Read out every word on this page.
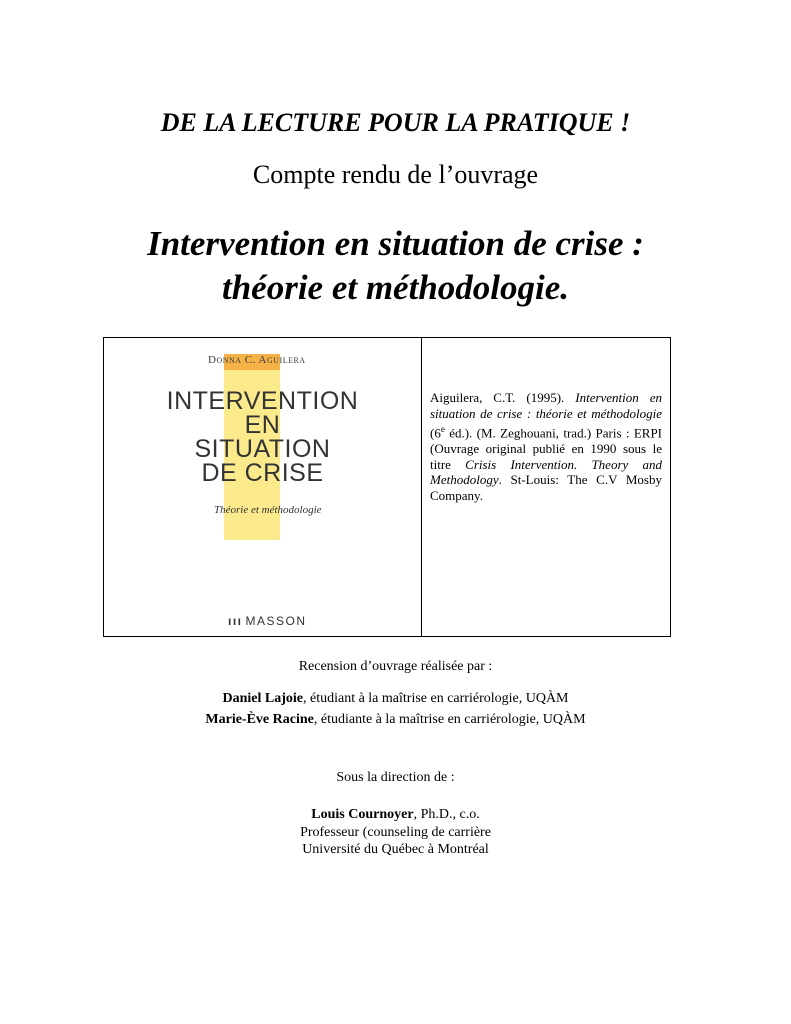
DE LA LECTURE POUR LA PRATIQUE !
Compte rendu de l’ouvrage
Intervention en situation de crise :
théorie et méthodologie.
Donna C. Aguilera
INTERVENTION
EN
SITUATION
DE CRISE
Théorie et méthodologie
ııı MASSON
Aiguilera, C.T. (1995). Intervention en situation de crise : théorie et méthodologie (6e éd.). (M. Zeghouani, trad.) Paris : ERPI (Ouvrage original publié en 1990 sous le titre Crisis Intervention. Theory and Methodology. St-Louis: The C.V Mosby Company.
Recension d’ouvrage réalisée par :
Daniel Lajoie, étudiant à la maîtrise en carriérologie, UQÀM
Marie-Ève Racine, étudiante à la maîtrise en carriérologie, UQÀM
Sous la direction de :
Louis Cournoyer, Ph.D., c.o.
Professeur (counseling de carrière
Université du Québec à Montréal
